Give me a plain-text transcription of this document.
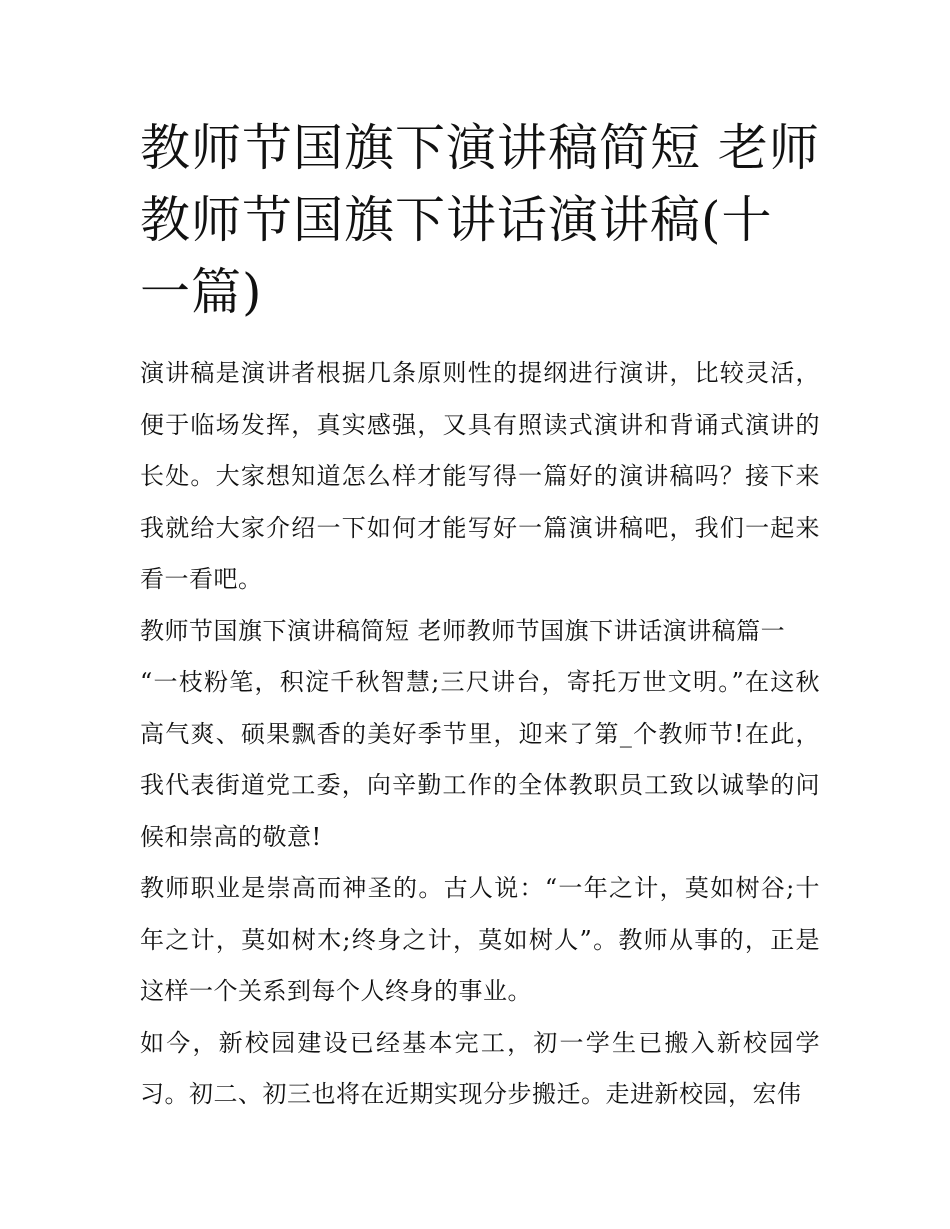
教师节国旗下演讲稿简短 老师教师节国旗下讲话演讲稿(十一篇)

演讲稿是演讲者根据几条原则性的提纲进行演讲，比较灵活，便于临场发挥，真实感强，又具有照读式演讲和背诵式演讲的长处。大家想知道怎么样才能写得一篇好的演讲稿吗？接下来我就给大家介绍一下如何才能写好一篇演讲稿吧，我们一起来看一看吧。

教师节国旗下演讲稿简短 老师教师节国旗下讲话演讲稿篇一

“一枝粉笔，积淀千秋智慧;三尺讲台，寄托万世文明。”在这秋高气爽、硕果飘香的美好季节里，迎来了第_个教师节!在此，我代表街道党工委，向辛勤工作的全体教职员工致以诚挚的问候和崇高的敬意!

教师职业是崇高而神圣的。古人说：“一年之计，莫如树谷;十年之计，莫如树木;终身之计，莫如树人”。教师从事的，正是这样一个关系到每个人终身的事业。

如今，新校园建设已经基本完工，初一学生已搬入新校园学习。初二、初三也将在近期实现分步搬迁。走进新校园，宏伟
